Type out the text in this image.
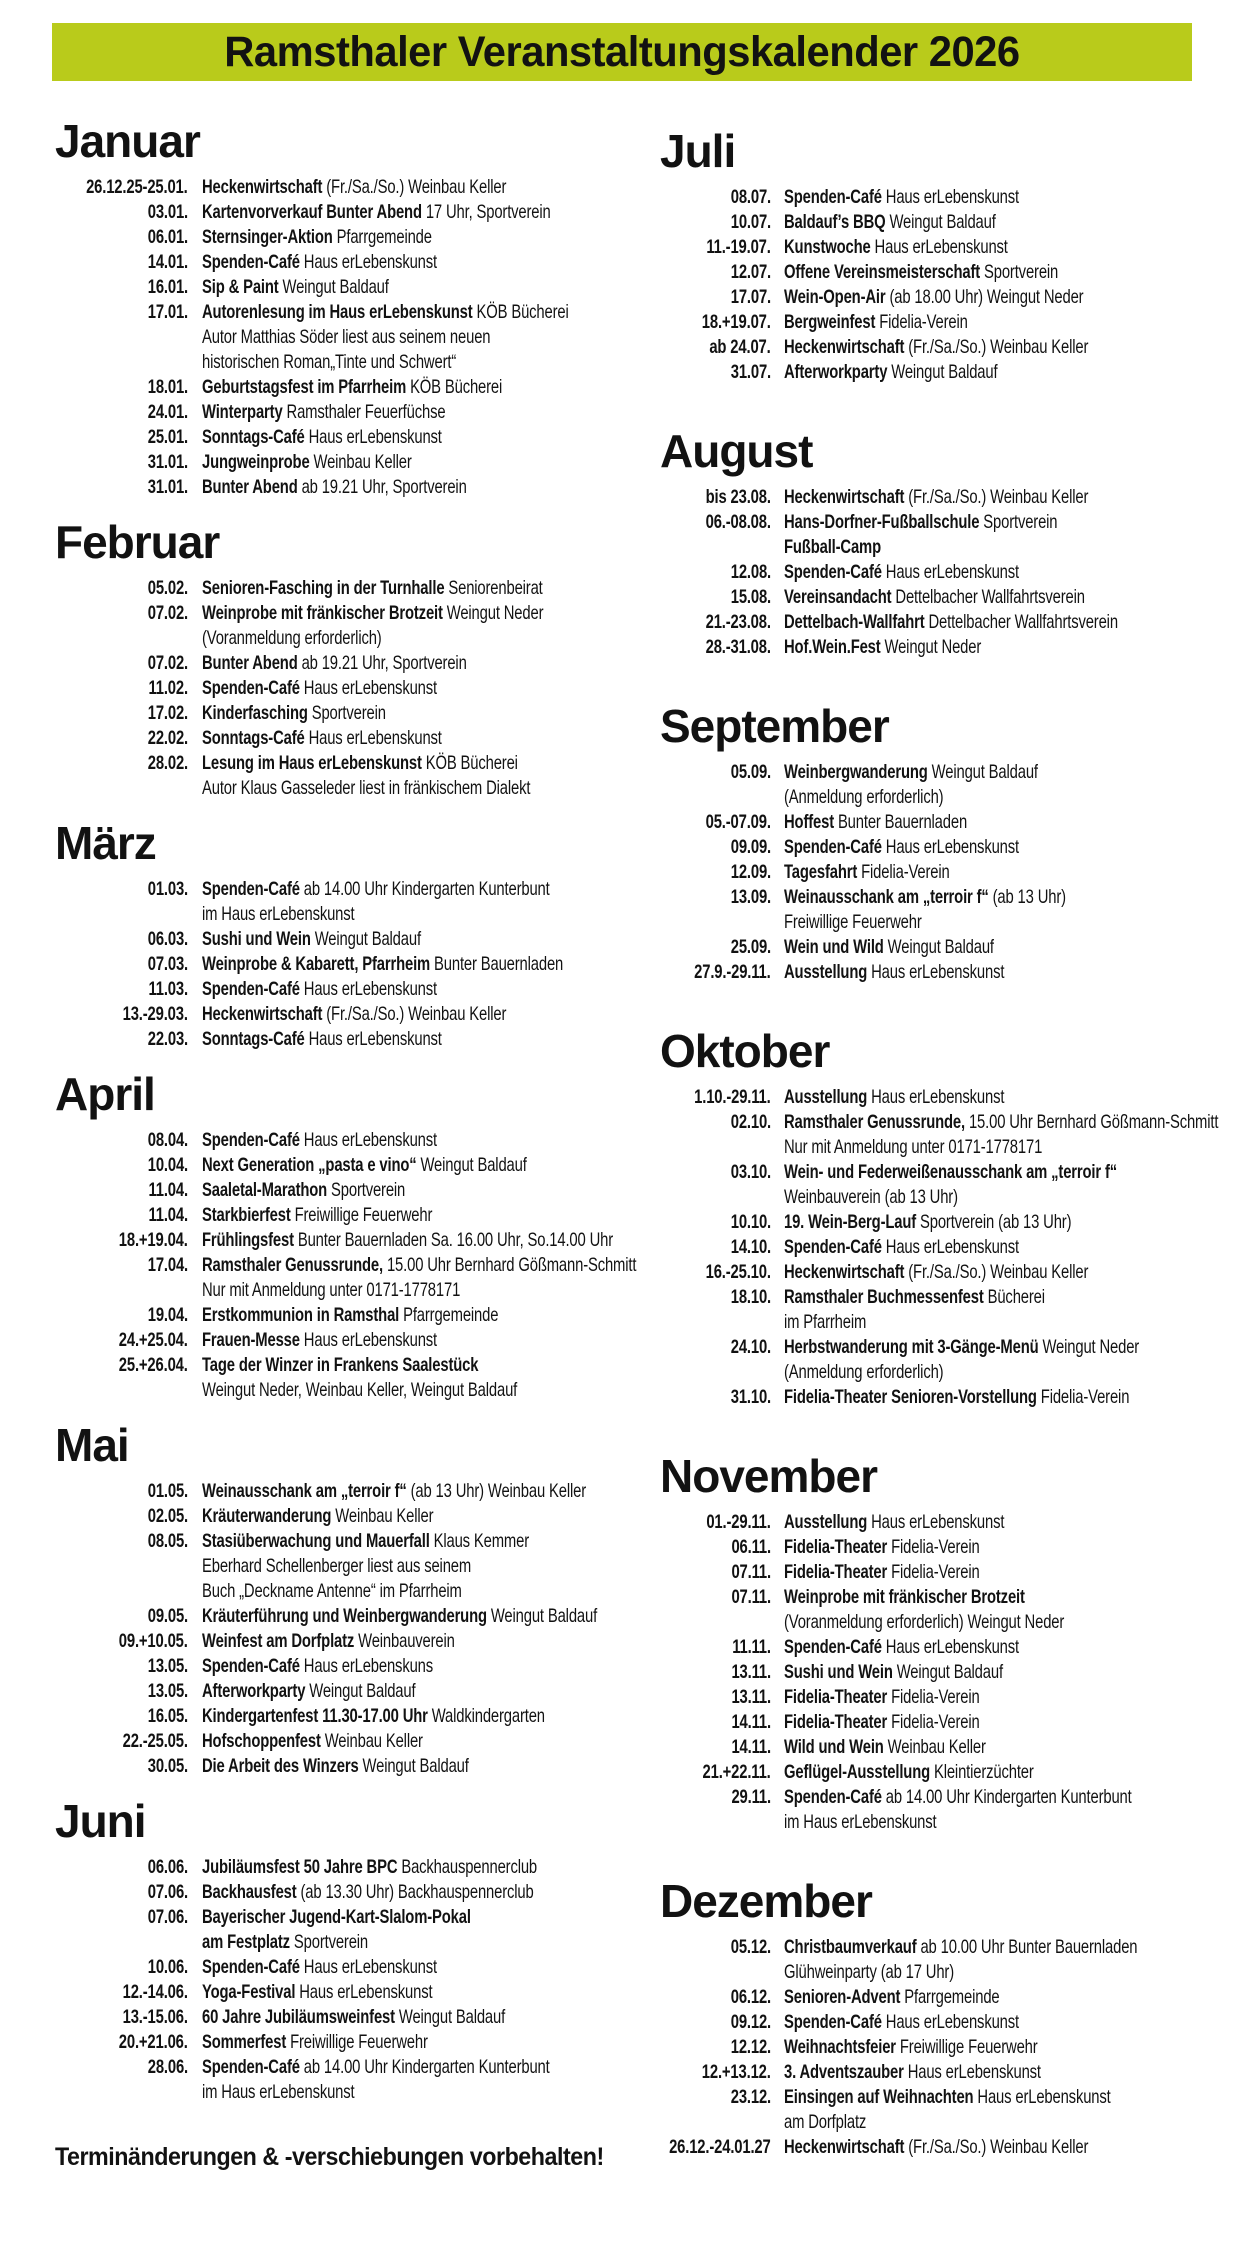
Ramsthaler Veranstaltungskalender 2026
Januar
26.12.25-25.01. Heckenwirtschaft (Fr./Sa./So.) Weinbau Keller
03.01. Kartenvorverkauf Bunter Abend 17 Uhr, Sportverein
06.01. Sternsinger-Aktion Pfarrgemeinde
14.01. Spenden-Café Haus erLebenskunst
16.01. Sip & Paint Weingut Baldauf
17.01. Autorenlesung im Haus erLebenskunst KÖB Bücherei
Autor Matthias Söder liest aus seinem neuen
historischen Roman„Tinte und Schwert“
18.01. Geburtstagsfest im Pfarrheim KÖB Bücherei
24.01. Winterparty Ramsthaler Feuerfüchse
25.01. Sonntags-Café Haus erLebenskunst
31.01. Jungweinprobe Weinbau Keller
31.01. Bunter Abend ab 19.21 Uhr, Sportverein
Februar
05.02. Senioren-Fasching in der Turnhalle Seniorenbeirat
07.02. Weinprobe mit fränkischer Brotzeit Weingut Neder
(Voranmeldung erforderlich)
07.02. Bunter Abend ab 19.21 Uhr, Sportverein
11.02. Spenden-Café Haus erLebenskunst
17.02. Kinderfasching Sportverein
22.02. Sonntags-Café Haus erLebenskunst
28.02. Lesung im Haus erLebenskunst KÖB Bücherei
Autor Klaus Gasseleder liest in fränkischem Dialekt
März
01.03. Spenden-Café ab 14.00 Uhr Kindergarten Kunterbunt
im Haus erLebenskunst
06.03. Sushi und Wein Weingut Baldauf
07.03. Weinprobe & Kabarett, Pfarrheim Bunter Bauernladen
11.03. Spenden-Café Haus erLebenskunst
13.-29.03. Heckenwirtschaft (Fr./Sa./So.) Weinbau Keller
22.03. Sonntags-Café Haus erLebenskunst
April
08.04. Spenden-Café Haus erLebenskunst
10.04. Next Generation „pasta e vino“ Weingut Baldauf
11.04. Saaletal-Marathon Sportverein
11.04. Starkbierfest Freiwillige Feuerwehr
18.+19.04. Frühlingsfest Bunter Bauernladen Sa. 16.00 Uhr, So.14.00 Uhr
17.04. Ramsthaler Genussrunde, 15.00 Uhr Bernhard Gößmann-Schmitt
Nur mit Anmeldung unter 0171-1778171
19.04. Erstkommunion in Ramsthal Pfarrgemeinde
24.+25.04. Frauen-Messe Haus erLebenskunst
25.+26.04. Tage der Winzer in Frankens Saalestück
Weingut Neder, Weinbau Keller, Weingut Baldauf
Mai
01.05. Weinausschank am „terroir f“ (ab 13 Uhr) Weinbau Keller
02.05. Kräuterwanderung Weinbau Keller
08.05. Stasiüberwachung und Mauerfall Klaus Kemmer
Eberhard Schellenberger liest aus seinem
Buch „Deckname Antenne“ im Pfarrheim
09.05. Kräuterführung und Weinbergwanderung Weingut Baldauf
09.+10.05. Weinfest am Dorfplatz Weinbauverein
13.05. Spenden-Café Haus erLebenskuns
13.05. Afterworkparty Weingut Baldauf
16.05. Kindergartenfest 11.30-17.00 Uhr Waldkindergarten
22.-25.05. Hofschoppenfest Weinbau Keller
30.05. Die Arbeit des Winzers Weingut Baldauf
Juni
06.06. Jubiläumsfest 50 Jahre BPC Backhauspennerclub
07.06. Backhausfest (ab 13.30 Uhr) Backhauspennerclub
07.06. Bayerischer Jugend-Kart-Slalom-Pokal
am Festplatz Sportverein
10.06. Spenden-Café Haus erLebenskunst
12.-14.06. Yoga-Festival Haus erLebenskunst
13.-15.06. 60 Jahre Jubiläumsweinfest Weingut Baldauf
20.+21.06. Sommerfest Freiwillige Feuerwehr
28.06. Spenden-Café ab 14.00 Uhr Kindergarten Kunterbunt
im Haus erLebenskunst
Juli
08.07. Spenden-Café Haus erLebenskunst
10.07. Baldauf’s BBQ Weingut Baldauf
11.-19.07. Kunstwoche Haus erLebenskunst
12.07. Offene Vereinsmeisterschaft Sportverein
17.07. Wein-Open-Air (ab 18.00 Uhr) Weingut Neder
18.+19.07. Bergweinfest Fidelia-Verein
ab 24.07. Heckenwirtschaft (Fr./Sa./So.) Weinbau Keller
31.07. Afterworkparty Weingut Baldauf
August
bis 23.08. Heckenwirtschaft (Fr./Sa./So.) Weinbau Keller
06.-08.08. Hans-Dorfner-Fußballschule Sportverein
Fußball-Camp
12.08. Spenden-Café Haus erLebenskunst
15.08. Vereinsandacht Dettelbacher Wallfahrtsverein
21.-23.08. Dettelbach-Wallfahrt Dettelbacher Wallfahrtsverein
28.-31.08. Hof.Wein.Fest Weingut Neder
September
05.09. Weinbergwanderung Weingut Baldauf
(Anmeldung erforderlich)
05.-07.09. Hoffest Bunter Bauernladen
09.09. Spenden-Café Haus erLebenskunst
12.09. Tagesfahrt Fidelia-Verein
13.09. Weinausschank am „terroir f“ (ab 13 Uhr)
Freiwillige Feuerwehr
25.09. Wein und Wild Weingut Baldauf
27.9.-29.11. Ausstellung Haus erLebenskunst
Oktober
1.10.-29.11. Ausstellung Haus erLebenskunst
02.10. Ramsthaler Genussrunde, 15.00 Uhr Bernhard Gößmann-Schmitt
Nur mit Anmeldung unter 0171-1778171
03.10. Wein- und Federweißenausschank am „terroir f“
Weinbauverein (ab 13 Uhr)
10.10. 19. Wein-Berg-Lauf Sportverein (ab 13 Uhr)
14.10. Spenden-Café Haus erLebenskunst
16.-25.10. Heckenwirtschaft (Fr./Sa./So.) Weinbau Keller
18.10. Ramsthaler Buchmessenfest Bücherei
im Pfarrheim
24.10. Herbstwanderung mit 3-Gänge-Menü Weingut Neder
(Anmeldung erforderlich)
31.10. Fidelia-Theater Senioren-Vorstellung Fidelia-Verein
November
01.-29.11. Ausstellung Haus erLebenskunst
06.11. Fidelia-Theater Fidelia-Verein
07.11. Fidelia-Theater Fidelia-Verein
07.11. Weinprobe mit fränkischer Brotzeit
(Voranmeldung erforderlich) Weingut Neder
11.11. Spenden-Café Haus erLebenskunst
13.11. Sushi und Wein Weingut Baldauf
13.11. Fidelia-Theater Fidelia-Verein
14.11. Fidelia-Theater Fidelia-Verein
14.11. Wild und Wein Weinbau Keller
21.+22.11. Geflügel-Ausstellung Kleintierzüchter
29.11. Spenden-Café ab 14.00 Uhr Kindergarten Kunterbunt
im Haus erLebenskunst
Dezember
05.12. Christbaumverkauf ab 10.00 Uhr Bunter Bauernladen
Glühweinparty (ab 17 Uhr)
06.12. Senioren-Advent Pfarrgemeinde
09.12. Spenden-Café Haus erLebenskunst
12.12. Weihnachtsfeier Freiwillige Feuerwehr
12.+13.12. 3. Adventszauber Haus erLebenskunst
23.12. Einsingen auf Weihnachten Haus erLebenskunst
am Dorfplatz
26.12.-24.01.27 Heckenwirtschaft (Fr./Sa./So.) Weinbau Keller
Terminänderungen & -verschiebungen vorbehalten!
